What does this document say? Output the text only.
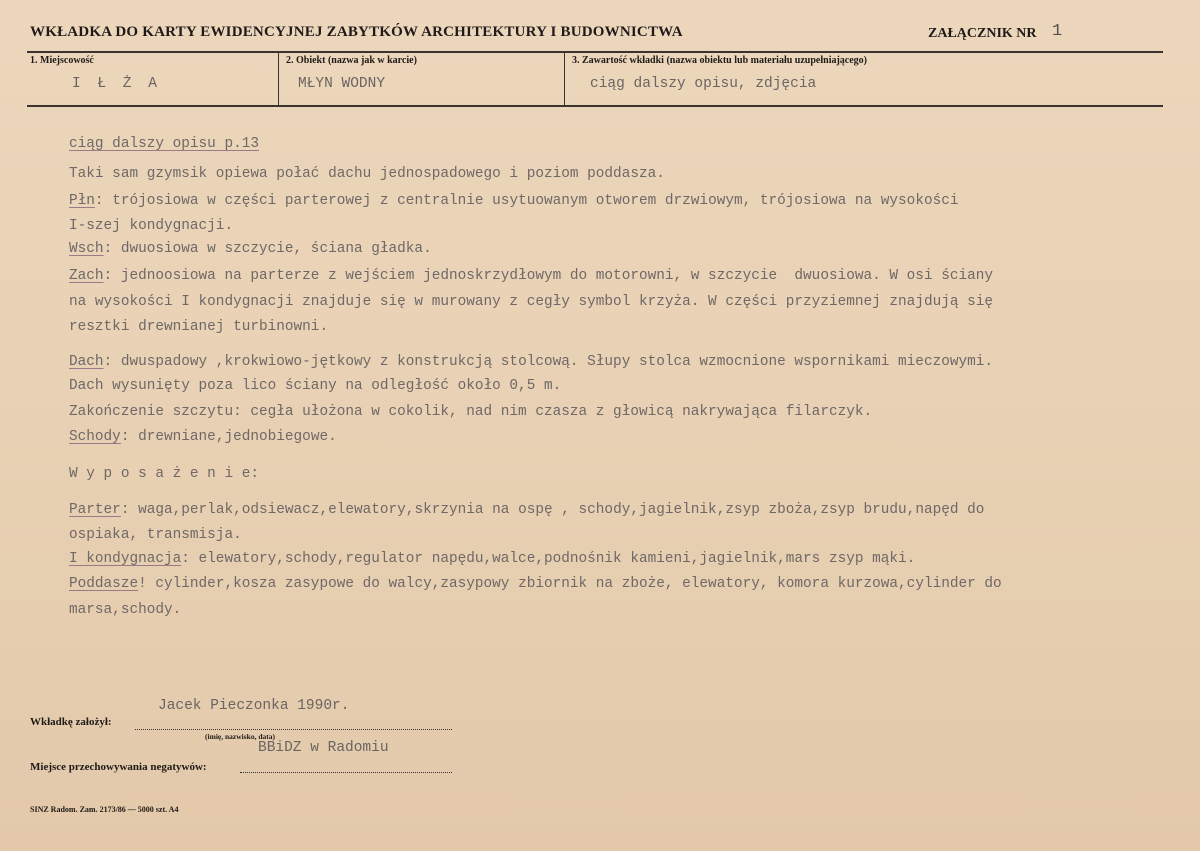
WKŁADKA DO KARTY EWIDENCYJNEJ ZABYTKÓW ARCHITEKTURY I BUDOWNICTWA	ZAŁĄCZNIK NR 1
1. Miejscowość	2. Obiekt (nazwa jak w karcie)	3. Zawartość wkładki (nazwa obiektu lub materiału uzupełniającego)
I Ł Ż A	MŁYN WODNY	ciąg dalszy opisu, zdjęcia
ciąg dalszy opisu p.13
Taki sam gzymsik opiewa połać dachu jednospadowego i poziom poddasza.
Płn: trójosiowa w części parterowej z centralnie usytuowanym otworem drzwiowym, trójosiowa na wysokości
I-szej kondygnacji.
Wsch: dwuosiowa w szczycie, ściana gładka.
Zach: jednoosiowa na parterze z wejściem jednoskrzydłowym do motorowni, w szczycie  dwuosiowa. W osi ściany
na wysokości I kondygnacji znajduje się w murowany z cegły symbol krzyża. W części przyziemnej znajdują się
resztki drewnianej turbinowni.
Dach: dwuspadowy ,krokwiowo-jętkowy z konstrukcją stolcową. Słupy stolca wzmocnione wspornikami mieczowymi.
Dach wysunięty poza lico ściany na odległość około 0,5 m.
Zakończenie szczytu: cegła ułożona w cokolik, nad nim czasza z głowicą nakrywająca filarczyk.
Schody: drewniane,jednobiegowe.
W y p o s a ż e n i e:
Parter: waga,perlak,odsiewacz,elewatory,skrzynia na ospę , schody,jagielnik,zsyp zboża,zsyp brudu,napęd do
ospiaka, transmisja.
I kondygnacja: elewatory,schody,regulator napędu,walce,podnośnik kamieni,jagielnik,mars zsyp mąki.
Poddasze! cylinder,kosza zasypowe do walcy,zasypowy zbiornik na zboże, elewatory, komora kurzowa,cylinder do
marsa,schody.
Wkładkę założył:
Jacek Pieczonka 1990r.
(imię, nazwisko, data)
Miejsce przechowywania negatywów:
BBiDZ w Radomiu
SINZ Radom. Zam. 2173/86 — 5000 szt. A4
